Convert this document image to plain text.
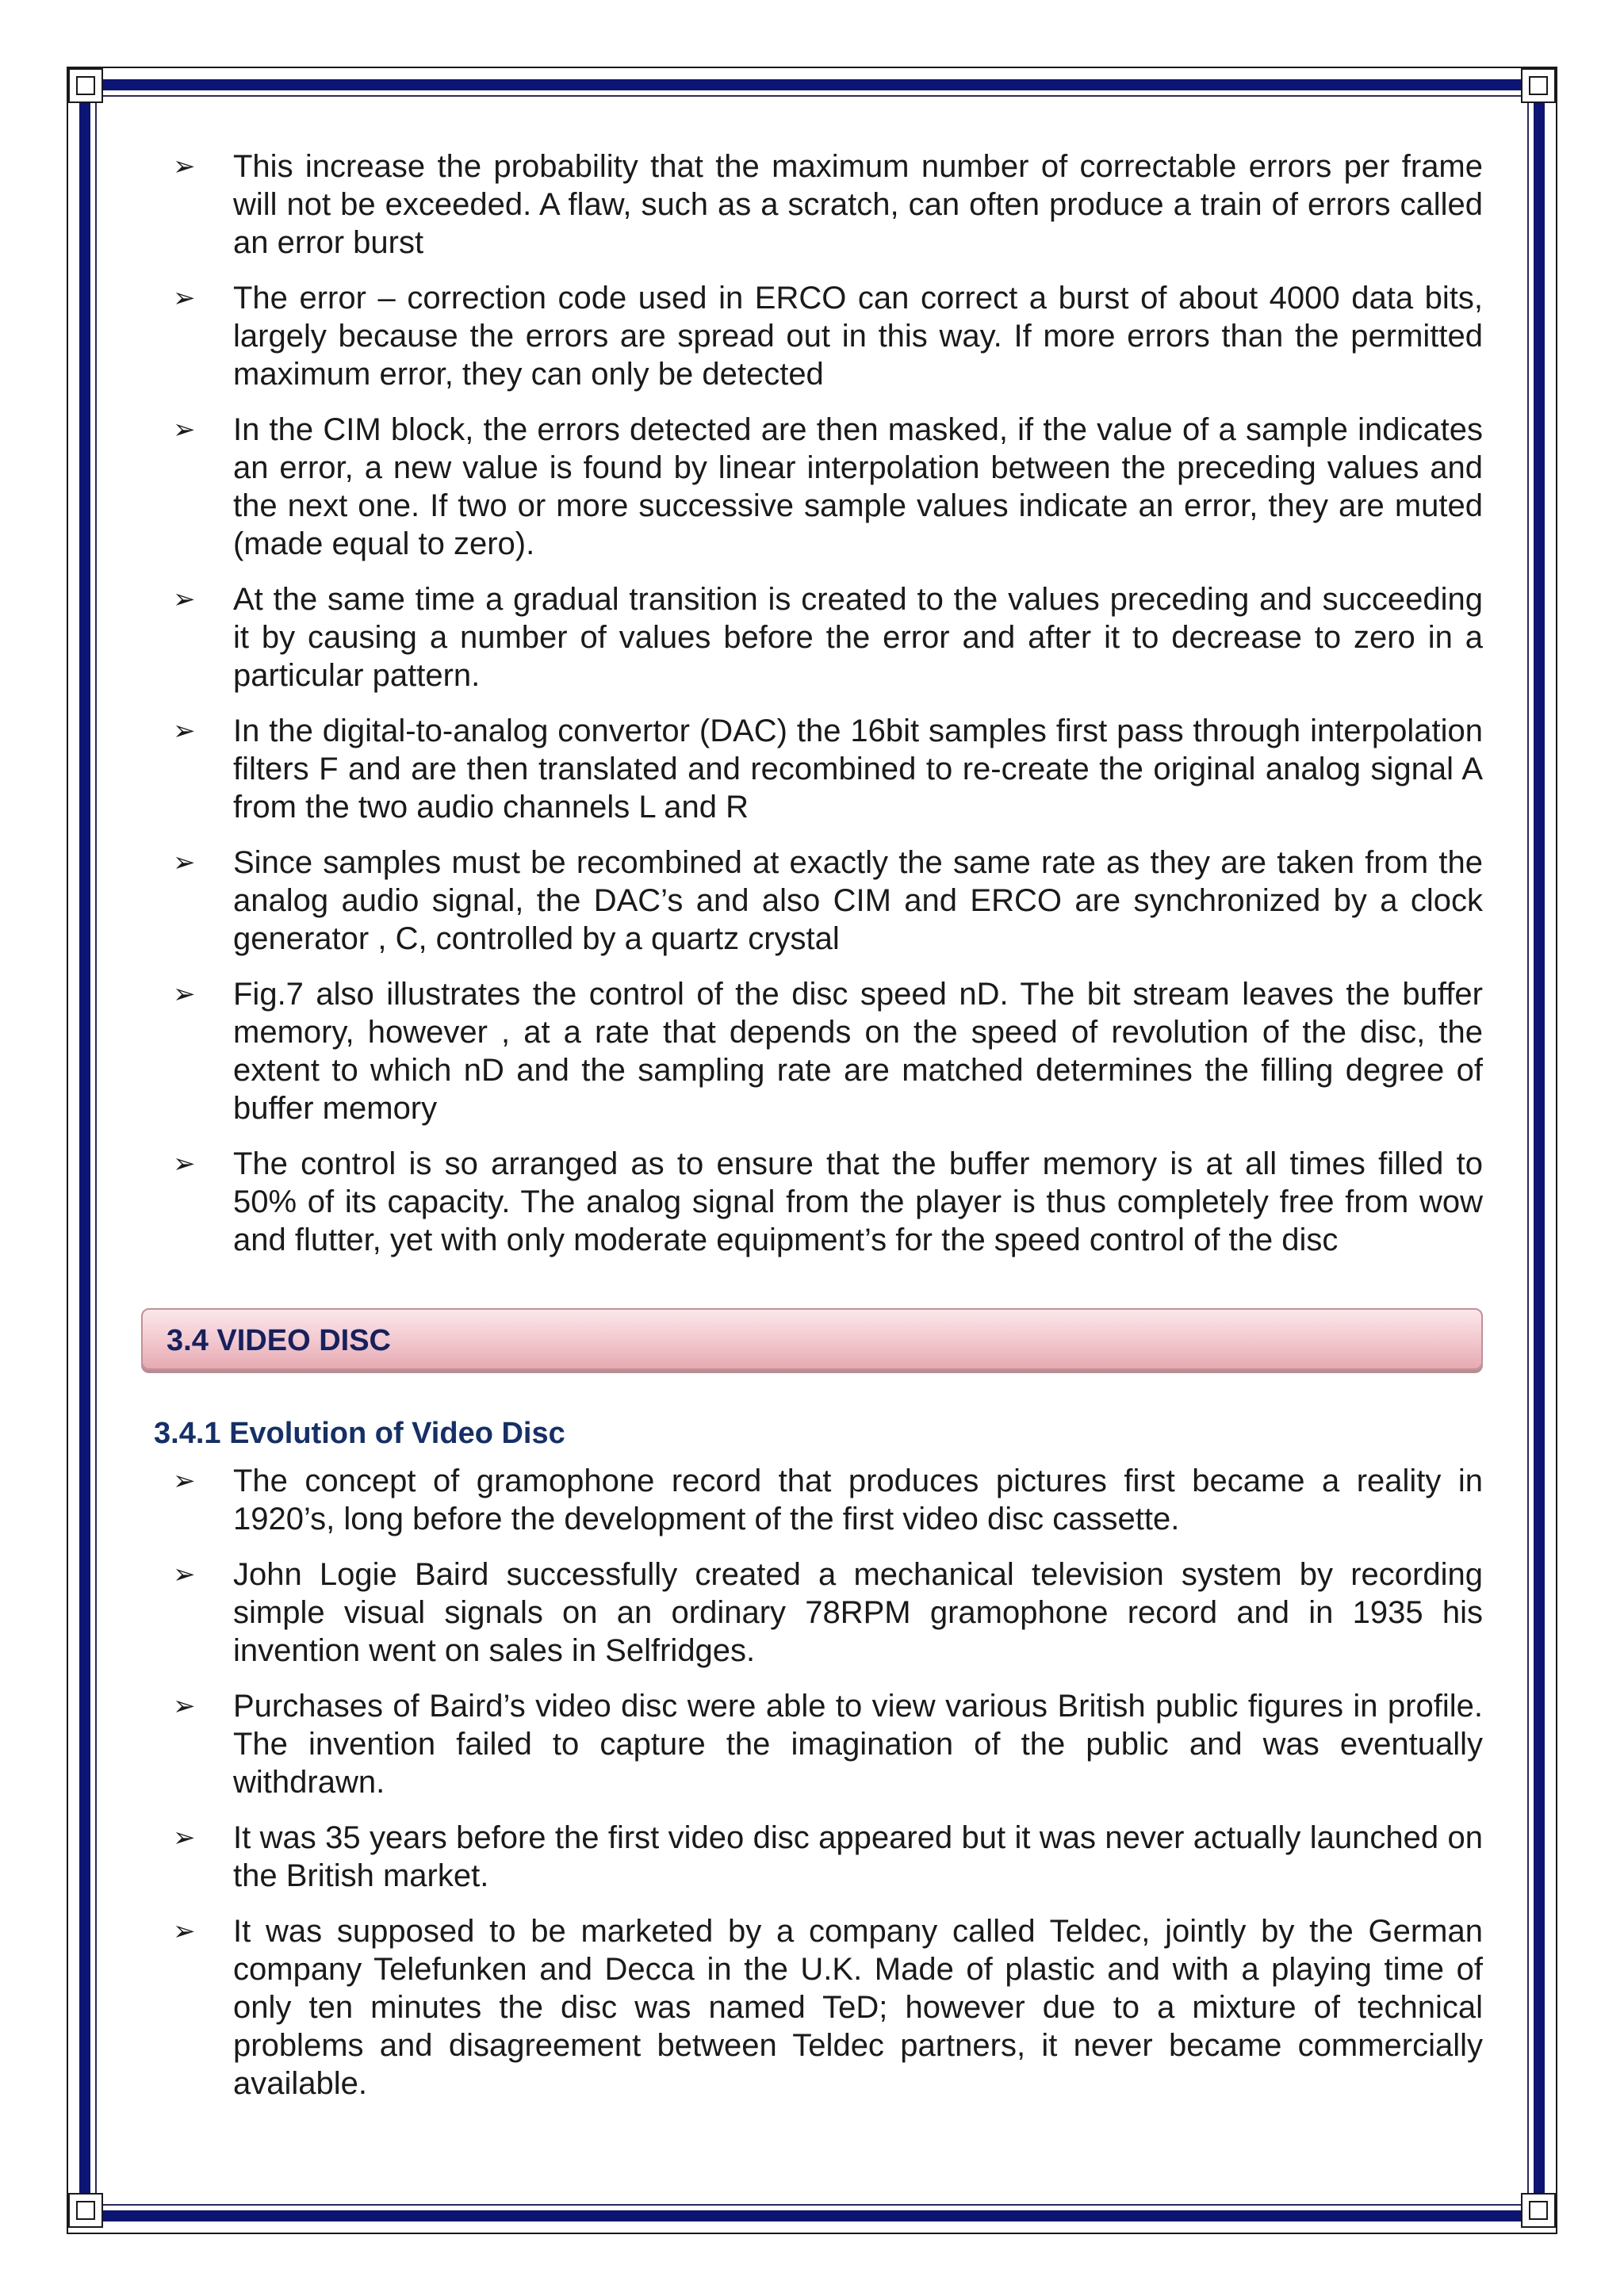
➢ This increase the probability that the maximum number of correctable errors per frame will not be exceeded. A flaw, such as a scratch, can often produce a train of errors called an error burst
➢ The error – correction code used in ERCO can correct a burst of about 4000 data bits, largely because the errors are spread out in this way. If more errors than the permitted maximum error, they can only be detected
➢ In the CIM block, the errors detected are then masked, if the value of a sample indicates an error, a new value is found by linear interpolation between the preceding values and the next one. If two or more successive sample values indicate an error, they are muted (made equal to zero).
➢ At the same time a gradual transition is created to the values preceding and succeeding it by causing a number of values before the error and after it to decrease to zero in a particular pattern.
➢ In the digital-to-analog convertor (DAC) the 16bit samples first pass through interpolation filters F and are then translated and recombined to re-create the original analog signal A from the two audio channels L and R
➢ Since samples must be recombined at exactly the same rate as they are taken from the analog audio signal, the DAC’s and also CIM and ERCO are synchronized by a clock generator , C, controlled by a quartz crystal
➢ Fig.7 also illustrates the control of the disc speed nD. The bit stream leaves the buffer memory, however , at a rate that depends on the speed of revolution of the disc, the extent to which nD and the sampling rate are matched determines the filling degree of buffer memory
➢ The control is so arranged as to ensure that the buffer memory is at all times filled to 50% of its capacity. The analog signal from the player is thus completely free from wow and flutter, yet with only moderate equipment’s for the speed control of the disc
3.4 VIDEO DISC
3.4.1 Evolution of Video Disc
➢ The concept of gramophone record that produces pictures first became a reality in 1920’s, long before the development of the first video disc cassette.
➢ John Logie Baird successfully created a mechanical television system by recording simple visual signals on an ordinary 78RPM gramophone record and in 1935 his invention went on sales in Selfridges.
➢ Purchases of Baird’s video disc were able to view various British public figures in profile. The invention failed to capture the imagination of the public and was eventually withdrawn.
➢ It was 35 years before the first video disc appeared but it was never actually launched on the British market.
➢ It was supposed to be marketed by a company called Teldec, jointly by the German company Telefunken and Decca in the U.K. Made of plastic and with a playing time of only ten minutes the disc was named TeD; however due to a mixture of technical problems and disagreement between Teldec partners, it never became commercially available.
